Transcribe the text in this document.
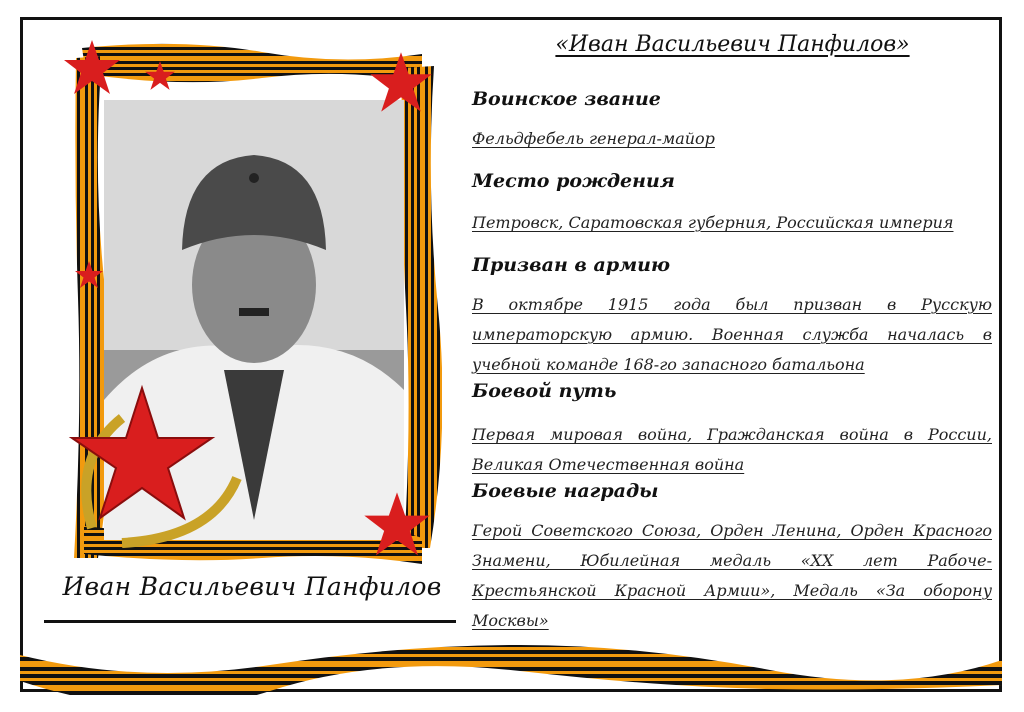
Иван Васильевич Панфилов
«Иван Васильевич Панфилов»

Воинское звание

Фельдфебель генерал-майор

Место рождения

Петровск, Саратовская губерния, Российская империя

Призван в армию

В октябре 1915 года был призван в Русскую императорскую армию. Военная служба началась в учебной команде 168-го запасного батальона

Боевой путь

Первая мировая война, Гражданская война в России, Великая Отечественная война

Боевые награды

Герой Советского Союза, Орден Ленина, Орден Красного Знамени, Юбилейная медаль «XX лет Рабоче-Крестьянской Красной Армии», Медаль «За оборону Москвы»
